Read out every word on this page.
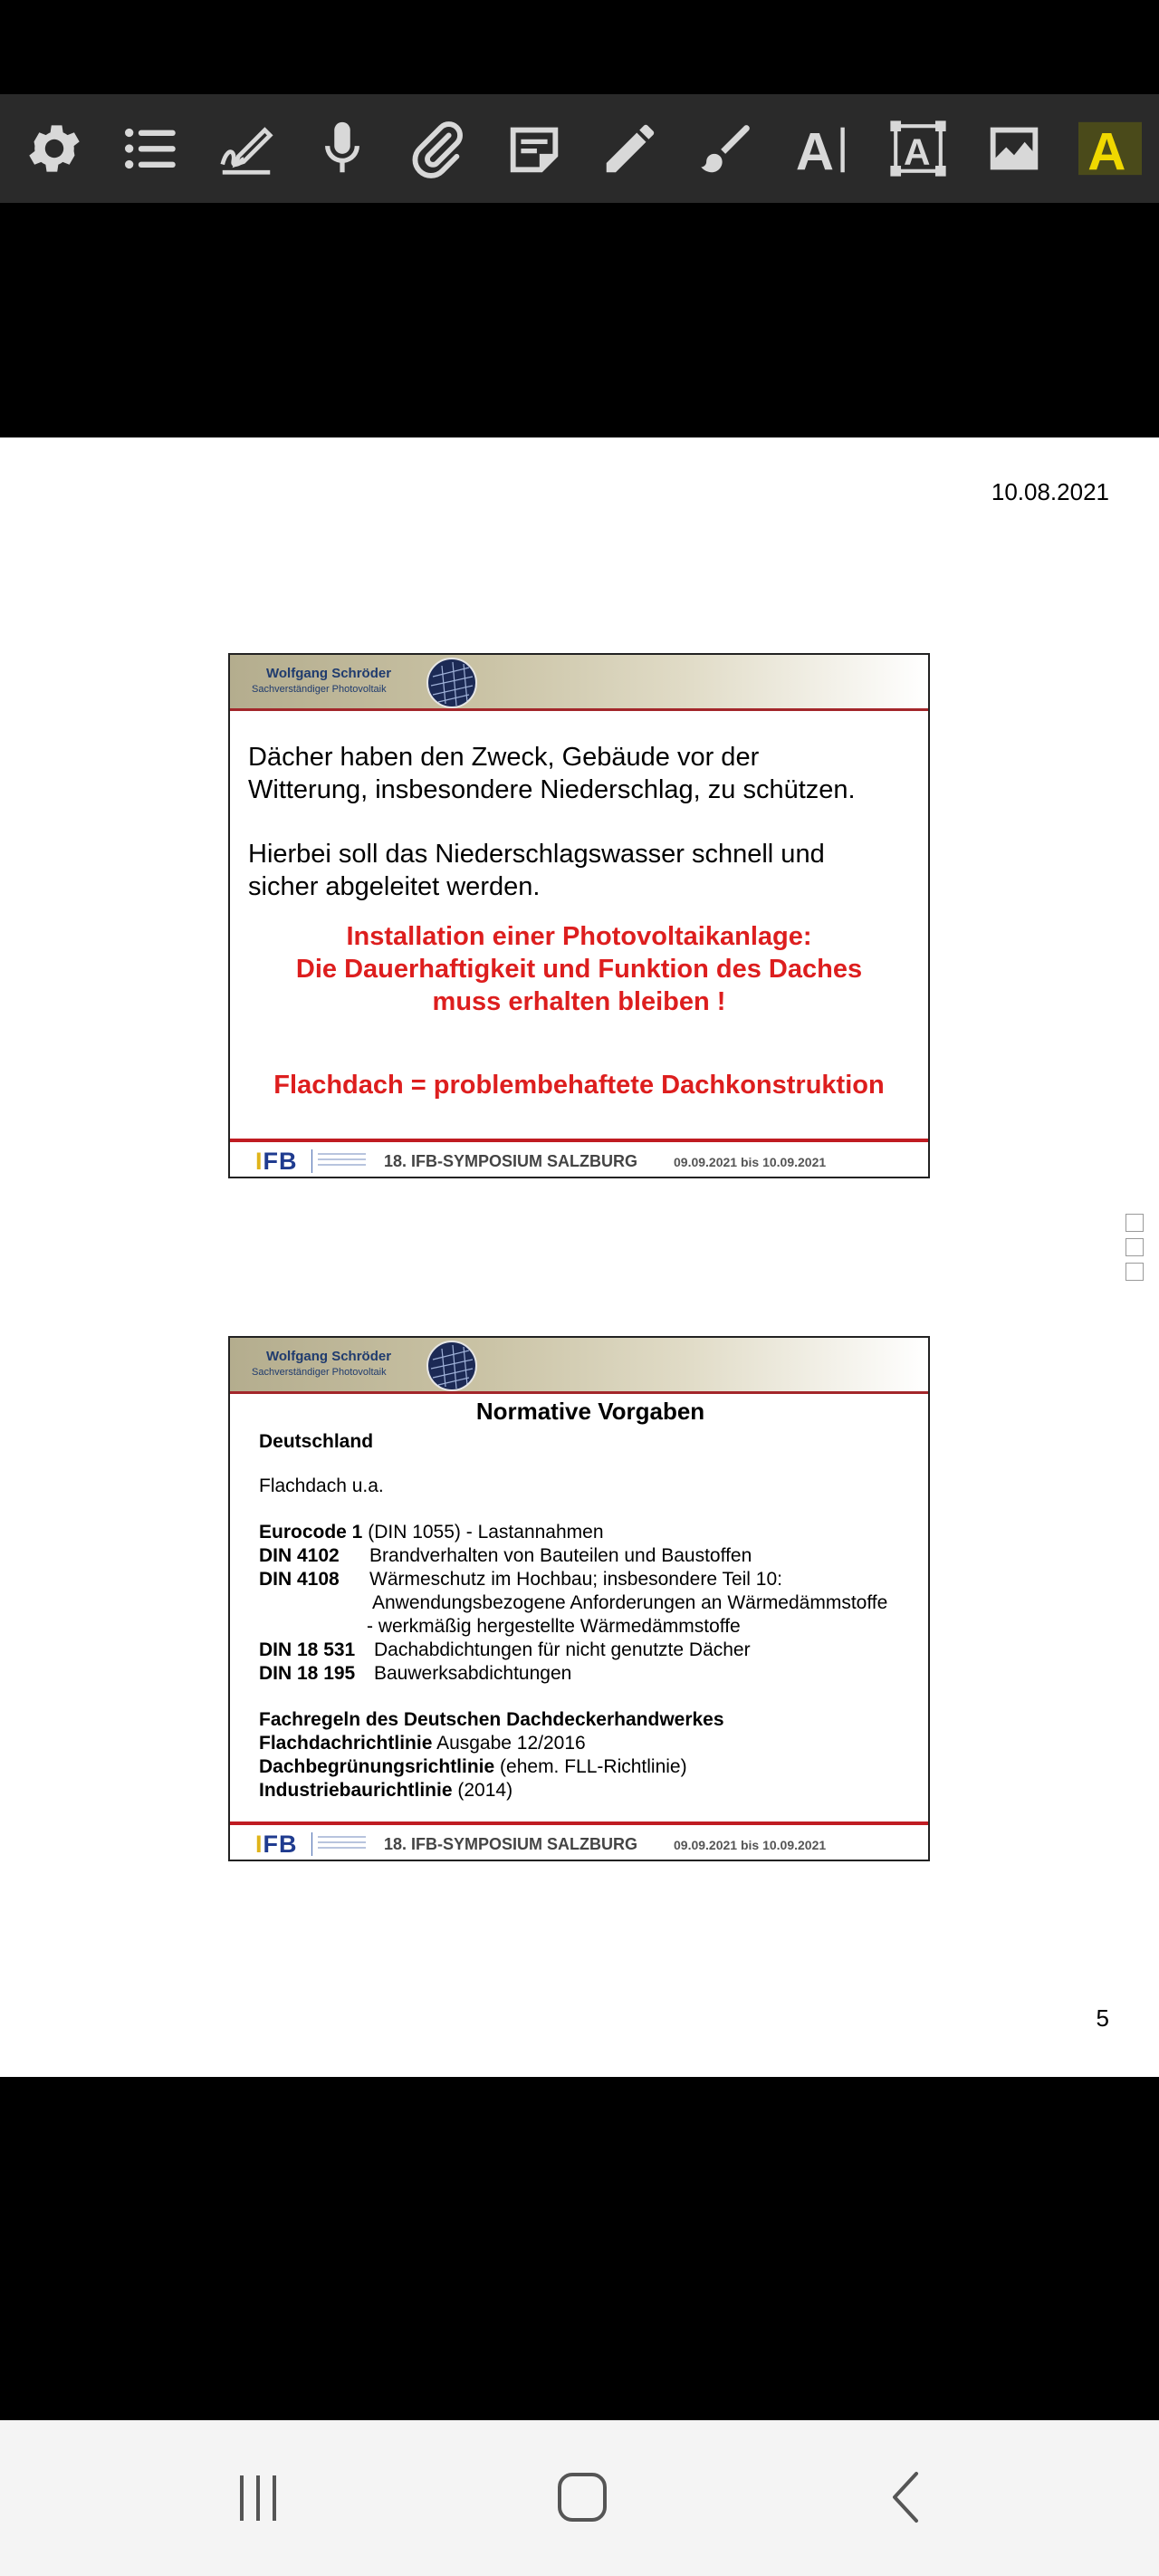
A	A	A
10.08.2021
Wolfgang Schröder
Sachverständiger Photovoltaik
Dächer haben den Zweck, Gebäude vor der
Witterung, insbesondere Niederschlag, zu schützen.
Hierbei soll das Niederschlagswasser schnell und
sicher abgeleitet werden.
Installation einer Photovoltaikanlage:
Die Dauerhaftigkeit und Funktion des Daches
muss erhalten bleiben !
Flachdach = problembehaftete Dachkonstruktion
IFB	18. IFB-SYMPOSIUM SALZBURG	09.09.2021 bis 10.09.2021
Wolfgang Schröder
Sachverständiger Photovoltaik
Normative Vorgaben
Deutschland
Flachdach u.a.
Eurocode 1 (DIN 1055) - Lastannahmen
DIN 4102 Brandverhalten von Bauteilen und Baustoffen
DIN 4108 Wärmeschutz im Hochbau; insbesondere Teil 10:
Anwendungsbezogene Anforderungen an Wärmedämmstoffe
- werkmäßig hergestellte Wärmedämmstoffe
DIN 18 531 Dachabdichtungen für nicht genutzte Dächer
DIN 18 195 Bauwerksabdichtungen
Fachregeln des Deutschen Dachdeckerhandwerkes
Flachdachrichtlinie Ausgabe 12/2016
Dachbegrünungsrichtlinie (ehem. FLL-Richtlinie)
Industriebaurichtlinie (2014)
IFB	18. IFB-SYMPOSIUM SALZBURG	09.09.2021 bis 10.09.2021
5
